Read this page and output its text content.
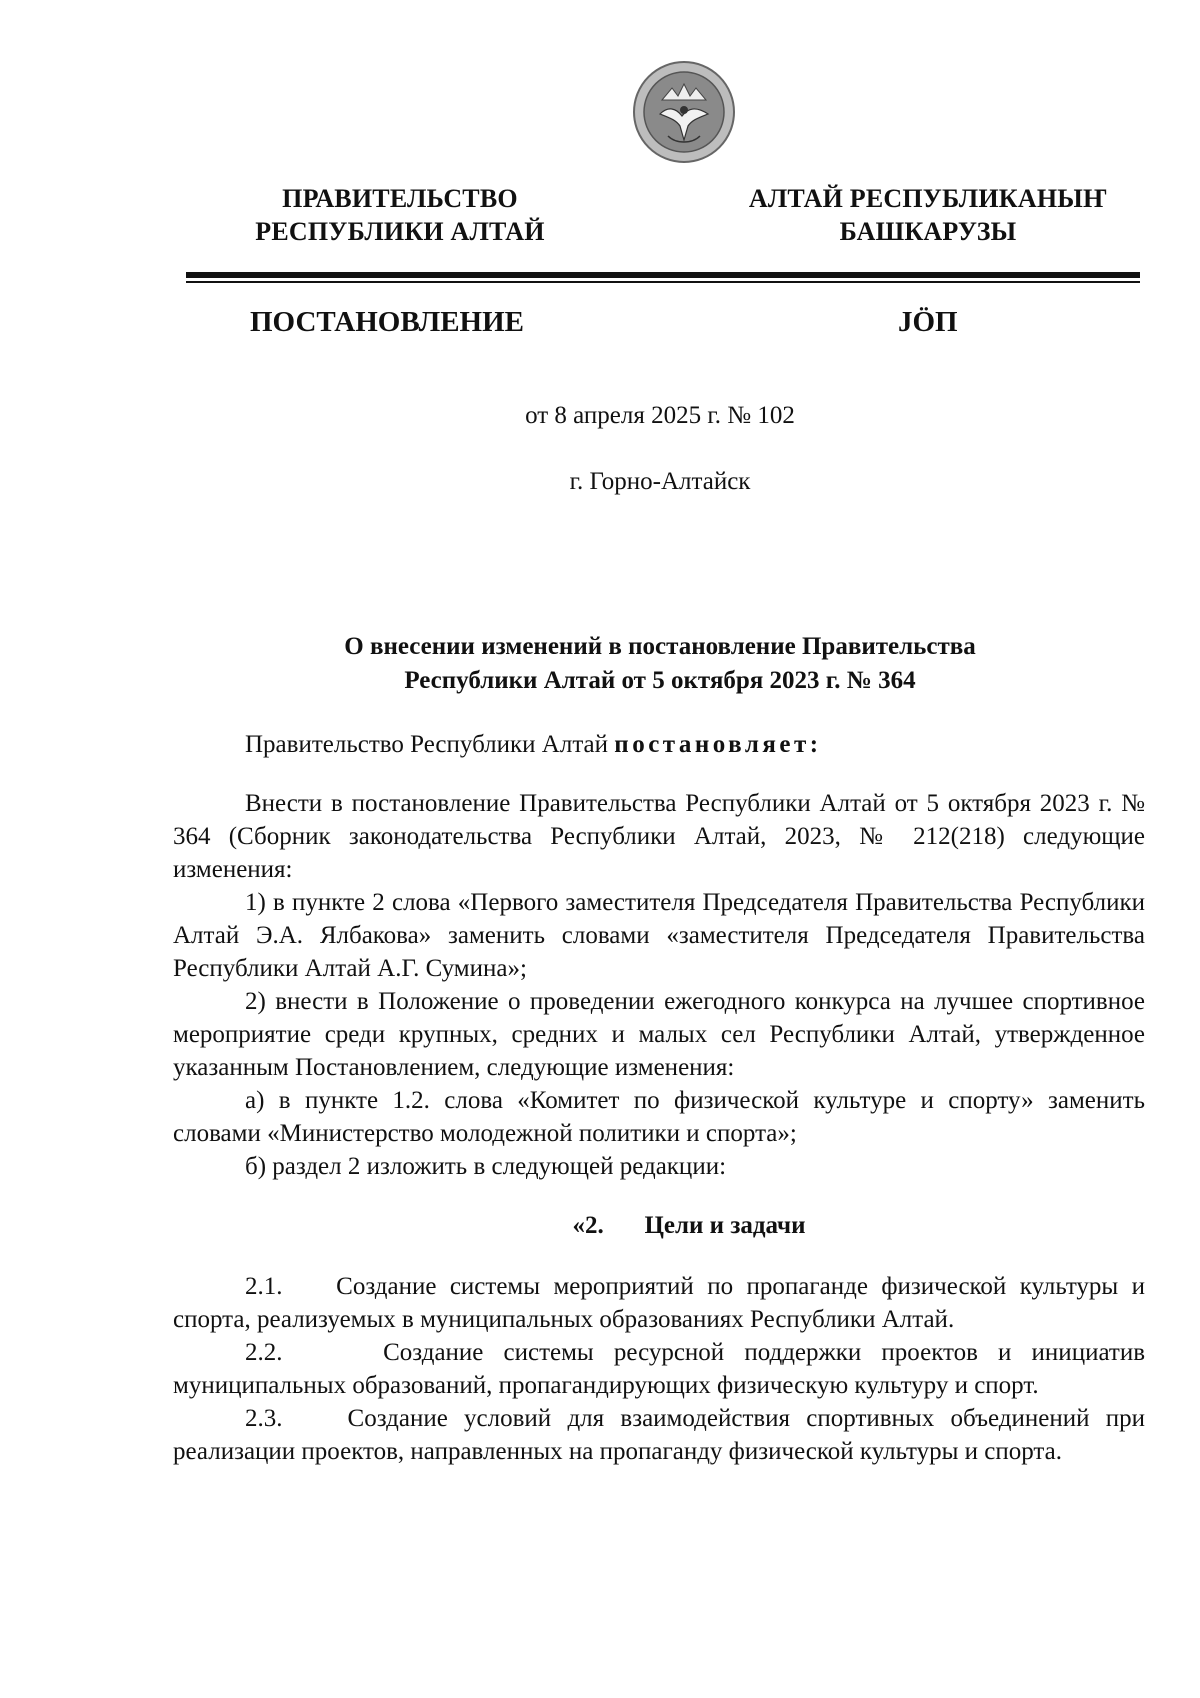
ПРАВИТЕЛЬСТВО
РЕСПУБЛИКИ АЛТАЙ
АЛТАЙ РЕСПУБЛИКАНЫҤ
БАШКАРУЗЫ
ПОСТАНОВЛЕНИЕ	JÖП
от 8 апреля 2025 г. № 102
г. Горно-Алтайск
О внесении изменений в постановление Правительства
Республики Алтай от 5 октября 2023 г. № 364

Правительство Республики Алтай постановляет:

Внести в постановление Правительства Республики Алтай от 5 октября 2023 г. № 364 (Сборник законодательства Республики Алтай, 2023, № 212(218) следующие изменения:

1) в пункте 2 слова «Первого заместителя Председателя Правительства Республики Алтай Э.А. Ялбакова» заменить словами «заместителя Председателя Правительства Республики Алтай А.Г. Сумина»;

2) внести в Положение о проведении ежегодного конкурса на лучшее спортивное мероприятие среди крупных, средних и малых сел Республики Алтай, утвержденное указанным Постановлением, следующие изменения:

а) в пункте 1.2. слова «Комитет по физической культуре и спорту» заменить словами «Министерство молодежной политики и спорта»;

б) раздел 2 изложить в следующей редакции:

«2. Цели и задачи

2.1. Создание системы мероприятий по пропаганде физической культуры и спорта, реализуемых в муниципальных образованиях Республики Алтай.

2.2.	Создание системы ресурсной поддержки проектов и инициатив муниципальных образований, пропагандирующих физическую культуру и спорт.

2.3.	Создание условий для взаимодействия спортивных объединений при реализации проектов, направленных на пропаганду физической культуры и спорта.
